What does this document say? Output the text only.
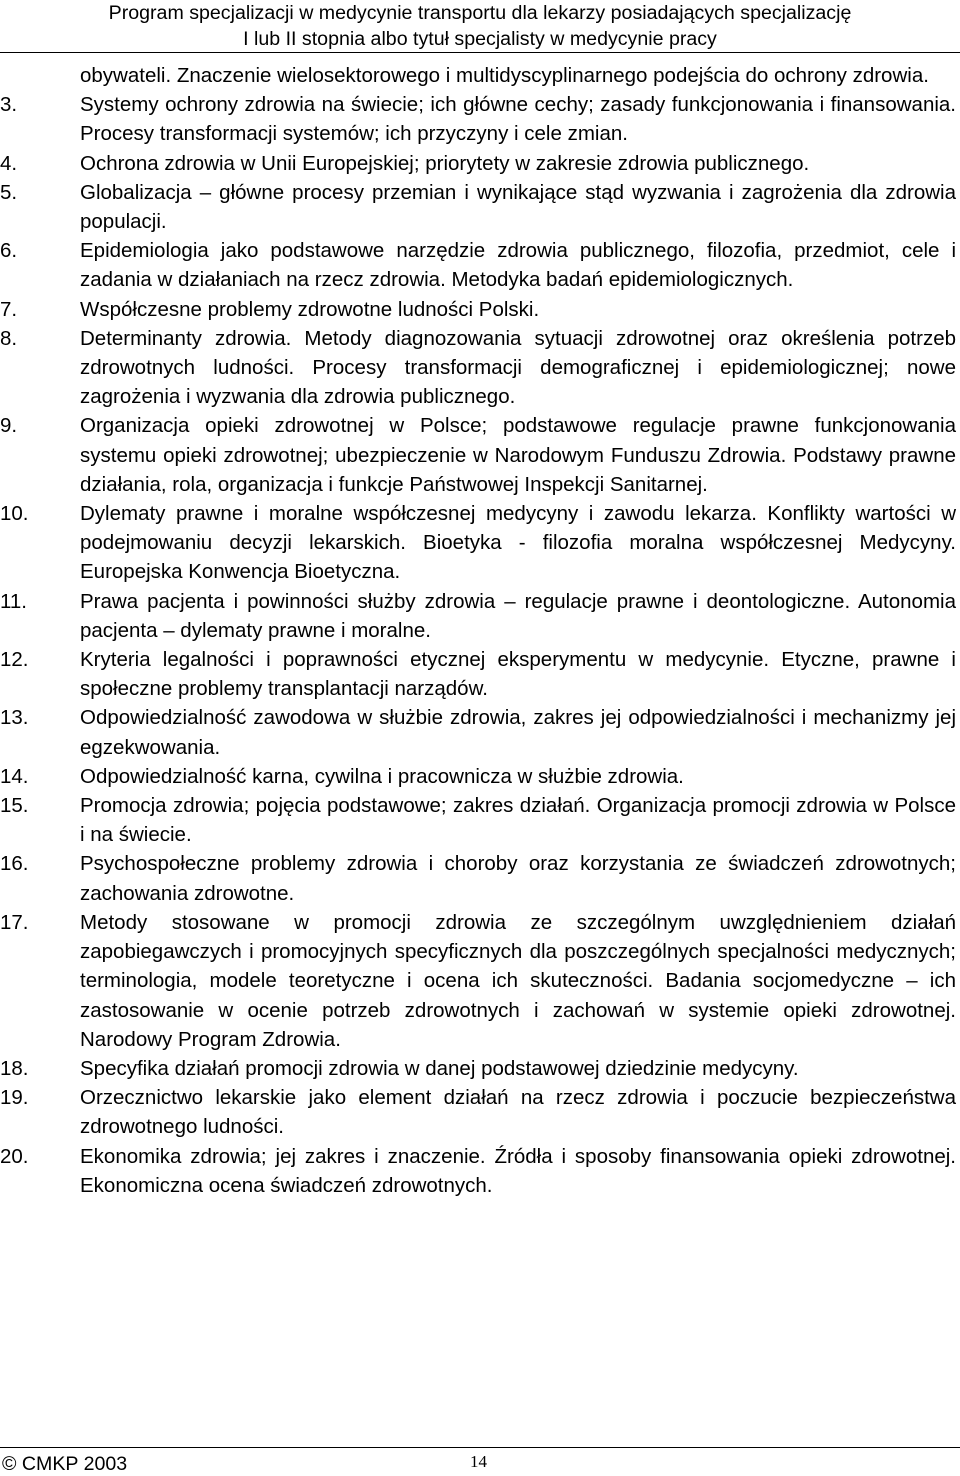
Program specjalizacji w medycynie transportu dla lekarzy posiadających specjalizację
I lub II stopnia albo tytuł specjalisty w medycynie pracy
obywateli. Znaczenie wielosektorowego i multidyscyplinarnego podejścia do ochrony zdrowia.
3.	Systemy ochrony zdrowia na świecie; ich główne cechy; zasady funkcjonowania i finansowania. Procesy transformacji systemów; ich przyczyny i cele zmian.
4.	Ochrona zdrowia w Unii Europejskiej; priorytety w zakresie zdrowia publicznego.
5.	Globalizacja – główne procesy przemian i wynikające stąd wyzwania i zagrożenia dla zdrowia populacji.
6.	Epidemiologia jako podstawowe narzędzie zdrowia publicznego, filozofia, przedmiot, cele i zadania w działaniach na rzecz zdrowia. Metodyka badań epidemiologicznych.
7.	Współczesne problemy zdrowotne ludności Polski.
8.	Determinanty zdrowia. Metody diagnozowania sytuacji zdrowotnej oraz określenia potrzeb zdrowotnych ludności. Procesy transformacji demograficznej i epidemiologicznej; nowe zagrożenia i wyzwania dla zdrowia publicznego.
9.	Organizacja opieki zdrowotnej w Polsce; podstawowe regulacje prawne funkcjonowania systemu opieki zdrowotnej; ubezpieczenie w Narodowym Funduszu Zdrowia. Podstawy prawne działania, rola, organizacja i funkcje Państwowej Inspekcji Sanitarnej.
10.	Dylematy prawne i moralne współczesnej medycyny i zawodu lekarza. Konflikty wartości w podejmowaniu decyzji lekarskich. Bioetyka - filozofia moralna współczesnej Medycyny. Europejska Konwencja Bioetyczna.
11.	Prawa pacjenta i powinności służby zdrowia – regulacje prawne i deontologiczne. Autonomia pacjenta – dylematy prawne i moralne.
12.	Kryteria legalności i poprawności etycznej eksperymentu w medycynie. Etyczne, prawne i społeczne problemy transplantacji narządów.
13.	Odpowiedzialność zawodowa w służbie zdrowia, zakres jej odpowiedzialności i mechanizmy jej egzekwowania.
14.	Odpowiedzialność karna, cywilna i pracownicza w służbie zdrowia.
15.	Promocja zdrowia; pojęcia podstawowe; zakres działań. Organizacja promocji zdrowia w Polsce i na świecie.
16.	Psychospołeczne problemy zdrowia i choroby oraz korzystania ze świadczeń zdrowotnych; zachowania zdrowotne.
17.	Metody stosowane w promocji zdrowia ze szczególnym uwzględnieniem działań zapobiegawczych i promocyjnych specyficznych dla poszczególnych specjalności medycznych; terminologia, modele teoretyczne i ocena ich skuteczności. Badania socjomedyczne – ich zastosowanie w ocenie potrzeb zdrowotnych i zachowań w systemie opieki zdrowotnej. Narodowy Program Zdrowia.
18.	Specyfika działań promocji zdrowia w danej podstawowej dziedzinie medycyny.
19.	Orzecznictwo lekarskie jako element działań na rzecz zdrowia i poczucie bezpieczeństwa zdrowotnego ludności.
20.	Ekonomika zdrowia; jej zakres i znaczenie. Źródła i sposoby finansowania opieki zdrowotnej. Ekonomiczna ocena świadczeń zdrowotnych.
© CMKP 2003	14
